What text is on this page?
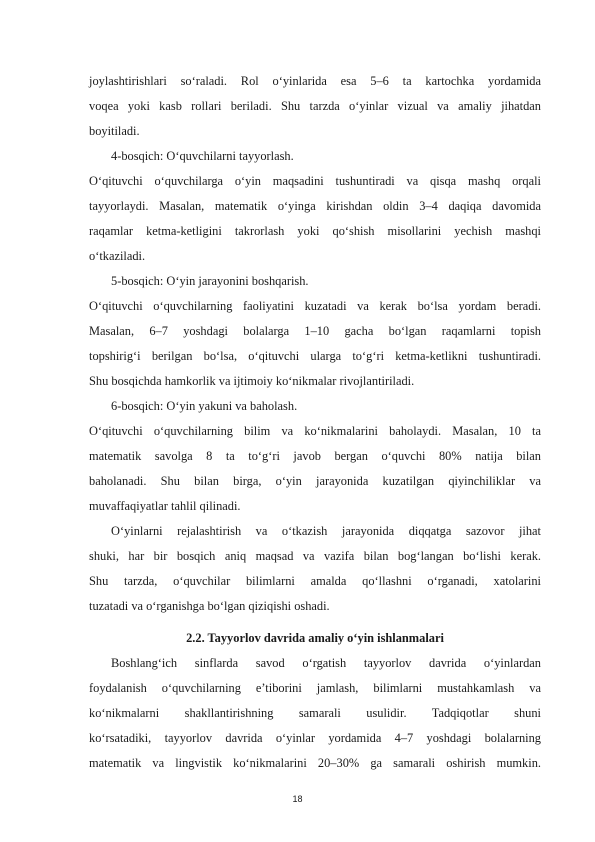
joylashtirishlari so‘raladi. Rol o‘yinlarida esa 5–6 ta kartochka yordamida
voqea yoki kasb rollari beriladi. Shu tarzda o‘yinlar vizual va amaliy jihatdan
boyitiladi.
4-bosqich: O‘quvchilarni tayyorlash.
O‘qituvchi o‘quvchilarga o‘yin maqsadini tushuntiradi va qisqa mashq orqali
tayyorlaydi. Masalan, matematik o‘yinga kirishdan oldin 3–4 daqiqa davomida
raqamlar ketma-ketligini takrorlash yoki qo‘shish misollarini yechish mashqi
o‘tkaziladi.
5-bosqich: O‘yin jarayonini boshqarish.
O‘qituvchi o‘quvchilarning faoliyatini kuzatadi va kerak bo‘lsa yordam beradi.
Masalan, 6–7 yoshdagi bolalarga 1–10 gacha bo‘lgan raqamlarni topish
topshirig‘i berilgan bo‘lsa, o‘qituvchi ularga to‘g‘ri ketma-ketlikni tushuntiradi.
Shu bosqichda hamkorlik va ijtimoiy ko‘nikmalar rivojlantiriladi.
6-bosqich: O‘yin yakuni va baholash.
O‘qituvchi o‘quvchilarning bilim va ko‘nikmalarini baholaydi. Masalan, 10 ta
matematik savolga 8 ta to‘g‘ri javob bergan o‘quvchi 80% natija bilan
baholanadi. Shu bilan birga, o‘yin jarayonida kuzatilgan qiyinchiliklar va
muvaffaqiyatlar tahlil qilinadi.
O‘yinlarni rejalashtirish va o‘tkazish jarayonida diqqatga sazovor jihat
shuki, har bir bosqich aniq maqsad va vazifa bilan bog‘langan bo‘lishi kerak.
Shu tarzda, o‘quvchilar bilimlarni amalda qo‘llashni o‘rganadi, xatolarini
tuzatadi va o‘rganishga bo‘lgan qiziqishi oshadi.
2.2. Tayyorlov davrida amaliy o‘yin ishlanmalari
Boshlang‘ich sinflarda savod o‘rgatish tayyorlov davrida o‘yinlardan
foydalanish o‘quvchilarning e’tiborini jamlash, bilimlarni mustahkamlash va
ko‘nikmalarni shakllantirishning samarali usulidir. Tadqiqotlar shuni
ko‘rsatadiki, tayyorlov davrida o‘yinlar yordamida 4–7 yoshdagi bolalarning
matematik va lingvistik ko‘nikmalarini 20–30% ga samarali oshirish mumkin.
18
